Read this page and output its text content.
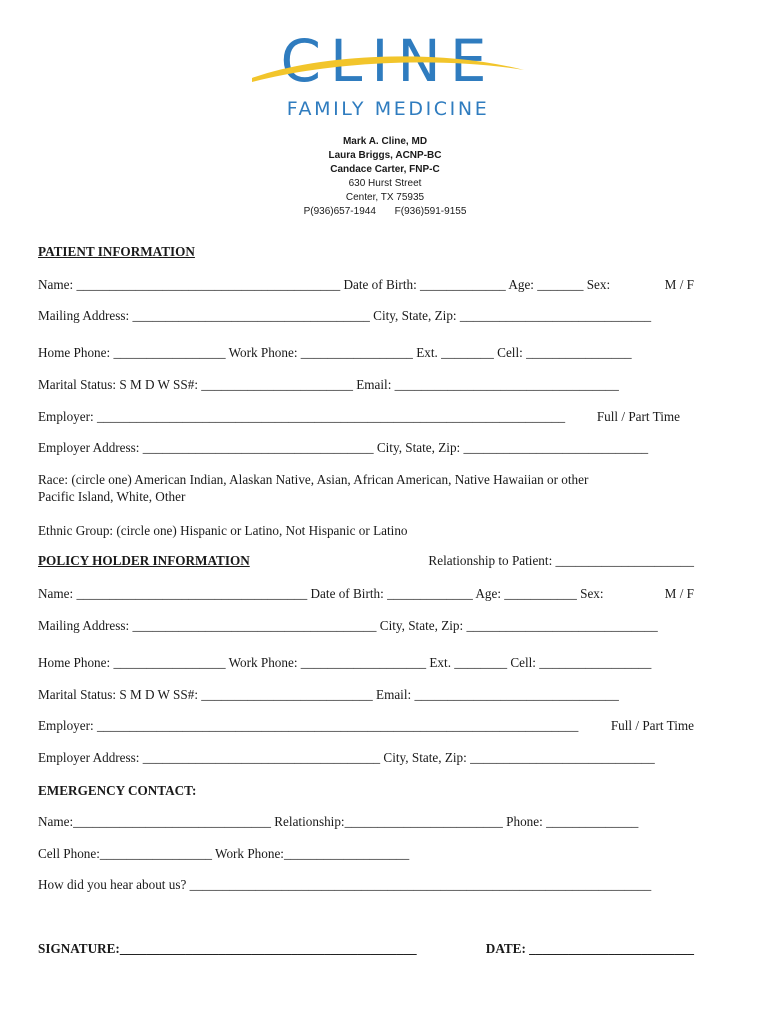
CLINE
FAMILY MEDICINE
Mark A. Cline, MD
Laura Briggs, ACNP-BC
Candace Carter, FNP-C
630 Hurst Street
Center, TX 75935
P(936)657-1944 F(936)591-9155
PATIENT INFORMATION
Name: ________________________________________ Date of Birth: _____________ Age: _______ Sex:	M / F
Mailing Address: ____________________________________ City, State, Zip: _____________________________
Home Phone: _________________ Work Phone: _________________ Ext. ________ Cell: ________________
Marital Status: S M D W SS#: _______________________ Email: __________________________________
Employer: _______________________________________________________________________ Full / Part Time
Employer Address: ___________________________________ City, State, Zip: ____________________________
Race: (circle one) American Indian, Alaskan Native, Asian, African American, Native Hawaiian or other
Pacific Island, White, Other
Ethnic Group: (circle one) Hispanic or Latino, Not Hispanic or Latino
POLICY HOLDER INFORMATION	Relationship to Patient: _____________________
Name: ___________________________________ Date of Birth: _____________ Age: ___________ Sex:	M / F
Mailing Address: _____________________________________ City, State, Zip: _____________________________
Home Phone: _________________ Work Phone: ___________________ Ext. ________ Cell: _________________
Marital Status: S M D W SS#: __________________________ Email: _______________________________
Employer: _________________________________________________________________________ Full / Part Time
Employer Address: ____________________________________ City, State, Zip: ____________________________
EMERGENCY CONTACT:
Name:______________________________ Relationship:________________________ Phone: ______________
Cell Phone:_________________ Work Phone:___________________
How did you hear about us? ______________________________________________________________________
SIGNATURE:_____________________________________________	DATE: _________________________
